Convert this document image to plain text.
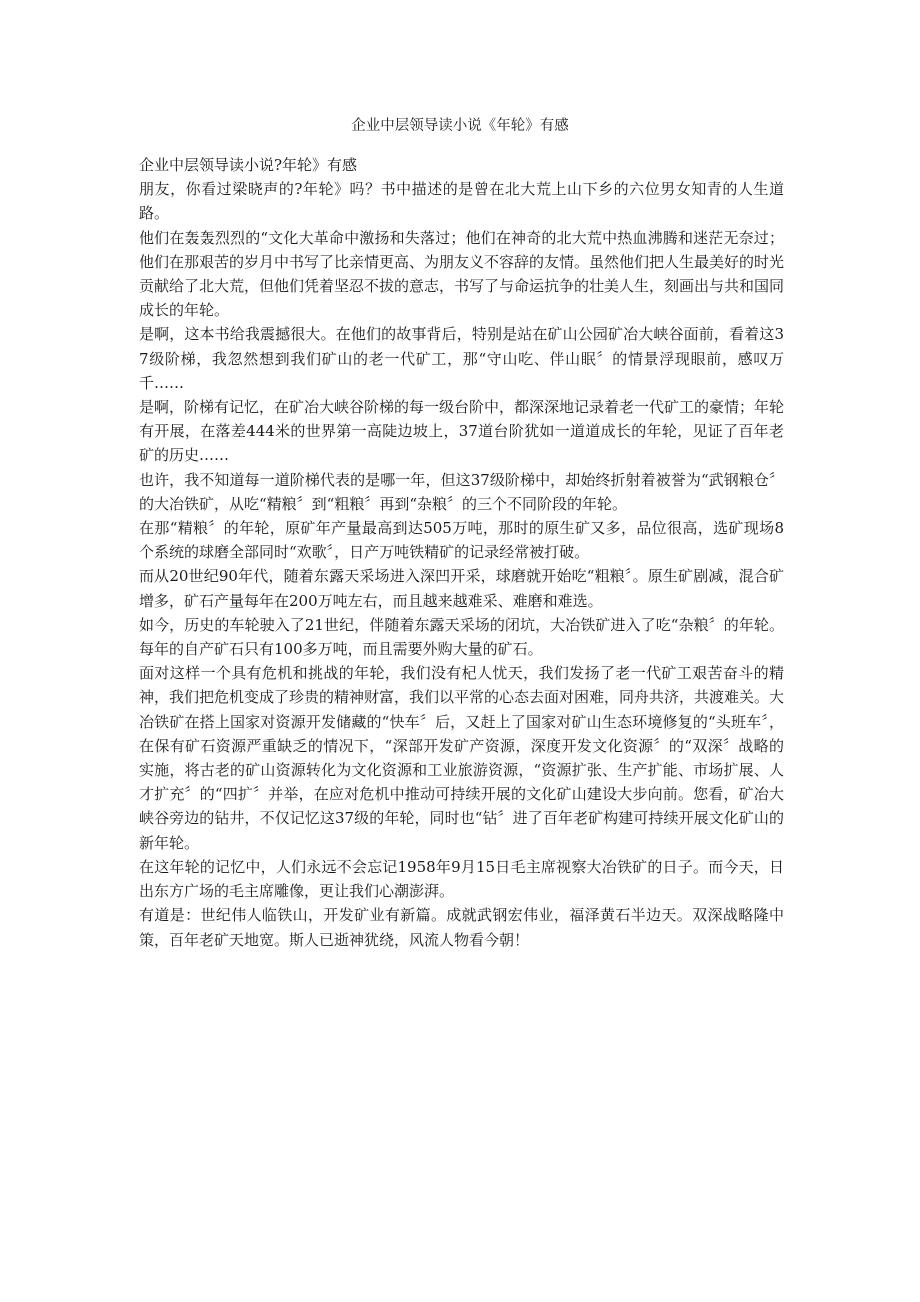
企业中层领导读小说《年轮》有感

企业中层领导读小说?年轮》有感

朋友，你看过梁晓声的?年轮》吗？书中描述的是曾在北大荒上山下乡的六位男女知青的人生道路。

他们在轰轰烈烈的“文化大革命中激扬和失落过；他们在神奇的北大荒中热血沸腾和迷茫无奈过；他们在那艰苦的岁月中书写了比亲情更高、为朋友义不容辞的友情。虽然他们把人生最美好的时光贡献给了北大荒，但他们凭着坚忍不拔的意志，书写了与命运抗争的壮美人生，刻画出与共和国同成长的年轮。

是啊，这本书给我震撼很大。在他们的故事背后，特别是站在矿山公园矿冶大峡谷面前，看着这37级阶梯，我忽然想到我们矿山的老一代矿工，那“守山吃、伴山眠〞的情景浮现眼前，感叹万千……

是啊，阶梯有记忆，在矿冶大峡谷阶梯的每一级台阶中，都深深地记录着老一代矿工的豪情；年轮有开展，在落差444米的世界第一高陡边坡上，37道台阶犹如一道道成长的年轮，见证了百年老矿的历史……

也许，我不知道每一道阶梯代表的是哪一年，但这37级阶梯中，却始终折射着被誉为“武钢粮仓〞的大冶铁矿，从吃“精粮〞到“粗粮〞再到“杂粮〞的三个不同阶段的年轮。

在那“精粮〞的年轮，原矿年产量最高到达505万吨，那时的原生矿又多，品位很高，选矿现场8个系统的球磨全部同时“欢歌〞，日产万吨铁精矿的记录经常被打破。

而从20世纪90年代，随着东露天采场进入深凹开采，球磨就开始吃“粗粮〞。原生矿剧减，混合矿增多，矿石产量每年在200万吨左右，而且越来越难采、难磨和难选。

如今，历史的车轮驶入了21世纪，伴随着东露天采场的闭坑，大冶铁矿进入了吃“杂粮〞的年轮。每年的自产矿石只有100多万吨，而且需要外购大量的矿石。

面对这样一个具有危机和挑战的年轮，我们没有杞人忧天，我们发扬了老一代矿工艰苦奋斗的精神，我们把危机变成了珍贵的精神财富，我们以平常的心态去面对困难，同舟共济，共渡难关。大冶铁矿在搭上国家对资源开发储藏的“快车〞后，又赶上了国家对矿山生态环境修复的“头班车〞，在保有矿石资源严重缺乏的情况下，“深部开发矿产资源，深度开发文化资源〞的“双深〞战略的实施，将古老的矿山资源转化为文化资源和工业旅游资源，“资源扩张、生产扩能、市场扩展、人才扩充〞的“四扩〞并举，在应对危机中推动可持续开展的文化矿山建设大步向前。您看，矿冶大峡谷旁边的钻井，不仅记忆这37级的年轮，同时也“钻〞进了百年老矿构建可持续开展文化矿山的新年轮。

在这年轮的记忆中，人们永远不会忘记1958年9月15日毛主席视察大冶铁矿的日子。而今天，日出东方广场的毛主席雕像，更让我们心潮澎湃。

有道是：世纪伟人临铁山，开发矿业有新篇。成就武钢宏伟业，福泽黄石半边天。双深战略隆中策，百年老矿天地宽。斯人已逝神犹绕，风流人物看今朝！
